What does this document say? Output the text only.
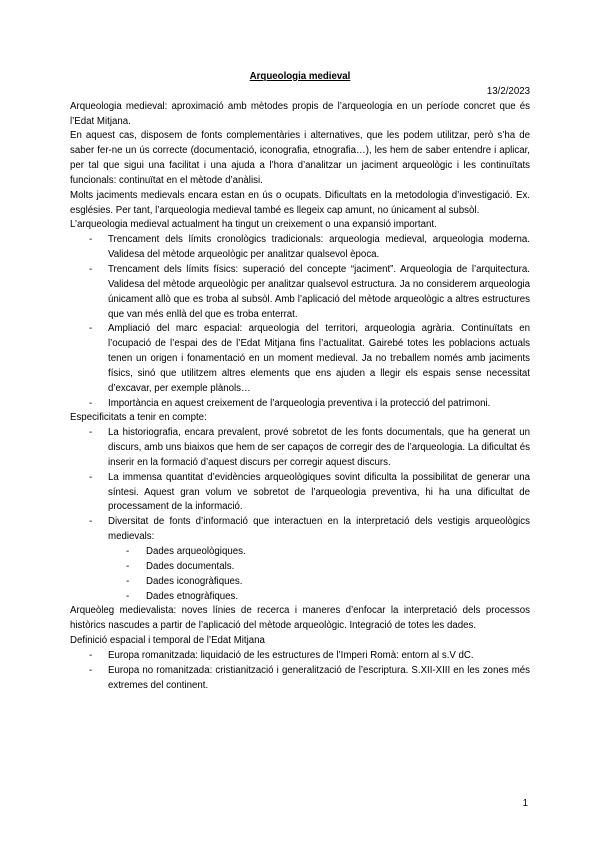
Arqueologia medieval
13/2/2023
Arqueologia medieval: aproximació amb mètodes propis de l’arqueologia en un període concret que és l’Edat Mitjana.
En aquest cas, disposem de fonts complementàries i alternatives, que les podem utilitzar, però s’ha de saber fer-ne un ús correcte (documentació, iconografia, etnografia…), les hem de saber entendre i aplicar, per tal que sigui una facilitat i una ajuda a l’hora d’analitzar un jaciment arqueològic i les continuïtats funcionals: continuïtat en el mètode d’anàlisi.
Molts jaciments medievals encara estan en ús o ocupats. Dificultats en la metodologia d’investigació. Ex. esglésies. Per tant, l’arqueologia medieval també es llegeix cap amunt, no únicament al subsòl.
L’arqueologia medieval actualment ha tingut un creixement o una expansió important.
- Trencament dels límits cronològics tradicionals: arqueologia medieval, arqueologia moderna. Validesa del mètode arqueològic per analitzar qualsevol època.
- Trencament dels límits físics: superació del concepte “jaciment”. Arqueologia de l’arquitectura. Validesa del mètode arqueològic per analitzar qualsevol estructura. Ja no considerem arqueologia únicament allò que es troba al subsòl. Amb l’aplicació del mètode arqueològic a altres estructures que van més enllà del que es troba enterrat.
- Ampliació del marc espacial: arqueologia del territori, arqueologia agrària. Continuïtats en l’ocupació de l’espai des de l’Edat Mitjana fins l’actualitat. Gairebé totes les poblacions actuals tenen un origen i fonamentació en un moment medieval. Ja no treballem només amb jaciments físics, sinó que utilitzem altres elements que ens ajuden a llegir els espais sense necessitat d’excavar, per exemple plànols…
- Importància en aquest creixement de l’arqueologia preventiva i la protecció del patrimoni.
Especificitats a tenir en compte:
- La historiografia, encara prevalent, prové sobretot de les fonts documentals, que ha generat un discurs, amb uns biaixos que hem de ser capaços de corregir des de l’arqueologia. La dificultat és inserir en la formació d’aquest discurs per corregir aquest discurs.
- La immensa quantitat d’evidències arqueològiques sovint dificulta la possibilitat de generar una síntesi. Aquest gran volum ve sobretot de l’arqueologia preventiva, hi ha una dificultat de processament de la informació.
- Diversitat de fonts d’informació que interactuen en la interpretació dels vestigis arqueològics medievals:
- Dades arqueològiques.
- Dades documentals.
- Dades iconogràfiques.
- Dades etnogràfiques.
Arqueòleg medievalista: noves línies de recerca i maneres d’enfocar la interpretació dels processos històrics nascudes a partir de l’aplicació del mètode arqueològic. Integració de totes les dades.
Definició espacial i temporal de l’Edat Mitjana
- Europa romanitzada: liquidació de les estructures de l’Imperi Romà: entorn al s.V dC.
- Europa no romanitzada: cristianització i generalització de l’escriptura. S.XII-XIII en les zones més extremes del continent.
1
